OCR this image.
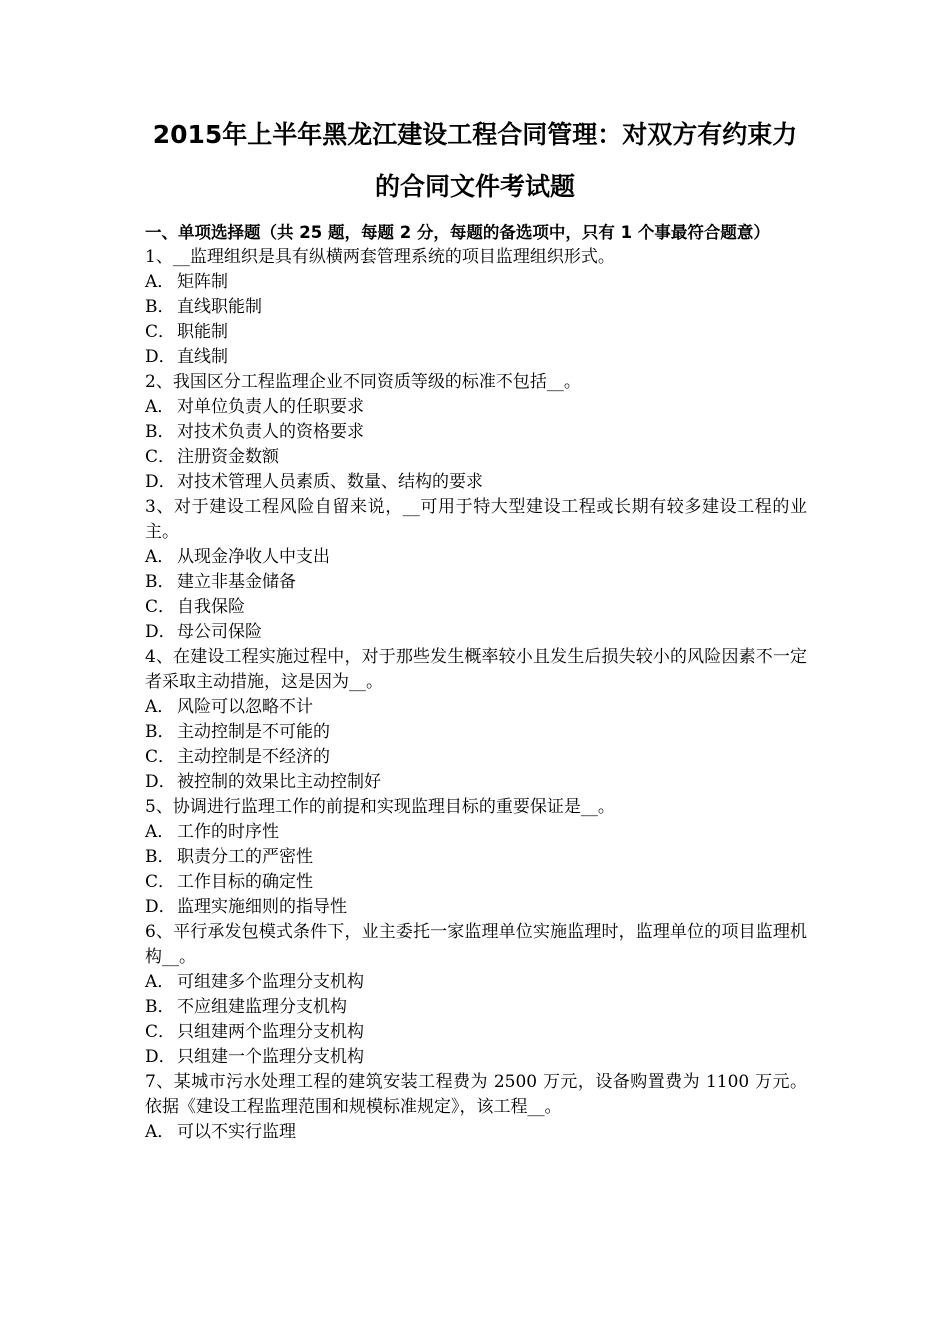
2015年上半年黑龙江建设工程合同管理：对双方有约束力
的合同文件考试题

一、单项选择题（共 25 题，每题 2 分，每题的备选项中，只有 1 个事最符合题意）

1、__监理组织是具有纵横两套管理系统的项目监理组织形式。

A． 矩阵制

B． 直线职能制

C． 职能制

D．直线制

2、我国区分工程监理企业不同资质等级的标准不包括__。

A． 对单位负责人的任职要求

B． 对技术负责人的资格要求

C． 注册资金数额

D．对技术管理人员素质、数量、结构的要求

3、对于建设工程风险自留来说，__可用于特大型建设工程或长期有较多建设工程的业主。

A． 从现金净收人中支出

B． 建立非基金储备

C． 自我保险

D．母公司保险

4、在建设工程实施过程中，对于那些发生概率较小且发生后损失较小的风险因素不一定者采取主动措施，这是因为__。

A． 风险可以忽略不计

B． 主动控制是不可能的

C． 主动控制是不经济的

D．被控制的效果比主动控制好

5、协调进行监理工作的前提和实现监理目标的重要保证是__。

A． 工作的时序性

B． 职责分工的严密性

C． 工作目标的确定性

D．监理实施细则的指导性

6、平行承发包模式条件下，业主委托一家监理单位实施监理时，监理单位的项目监理机构__。

A． 可组建多个监理分支机构

B． 不应组建监理分支机构

C． 只组建两个监理分支机构

D．只组建一个监理分支机构

7、某城市污水处理工程的建筑安装工程费为 2500 万元，设备购置费为 1100 万元。依据《建设工程监理范围和规模标准规定》，该工程__。

A． 可以不实行监理
